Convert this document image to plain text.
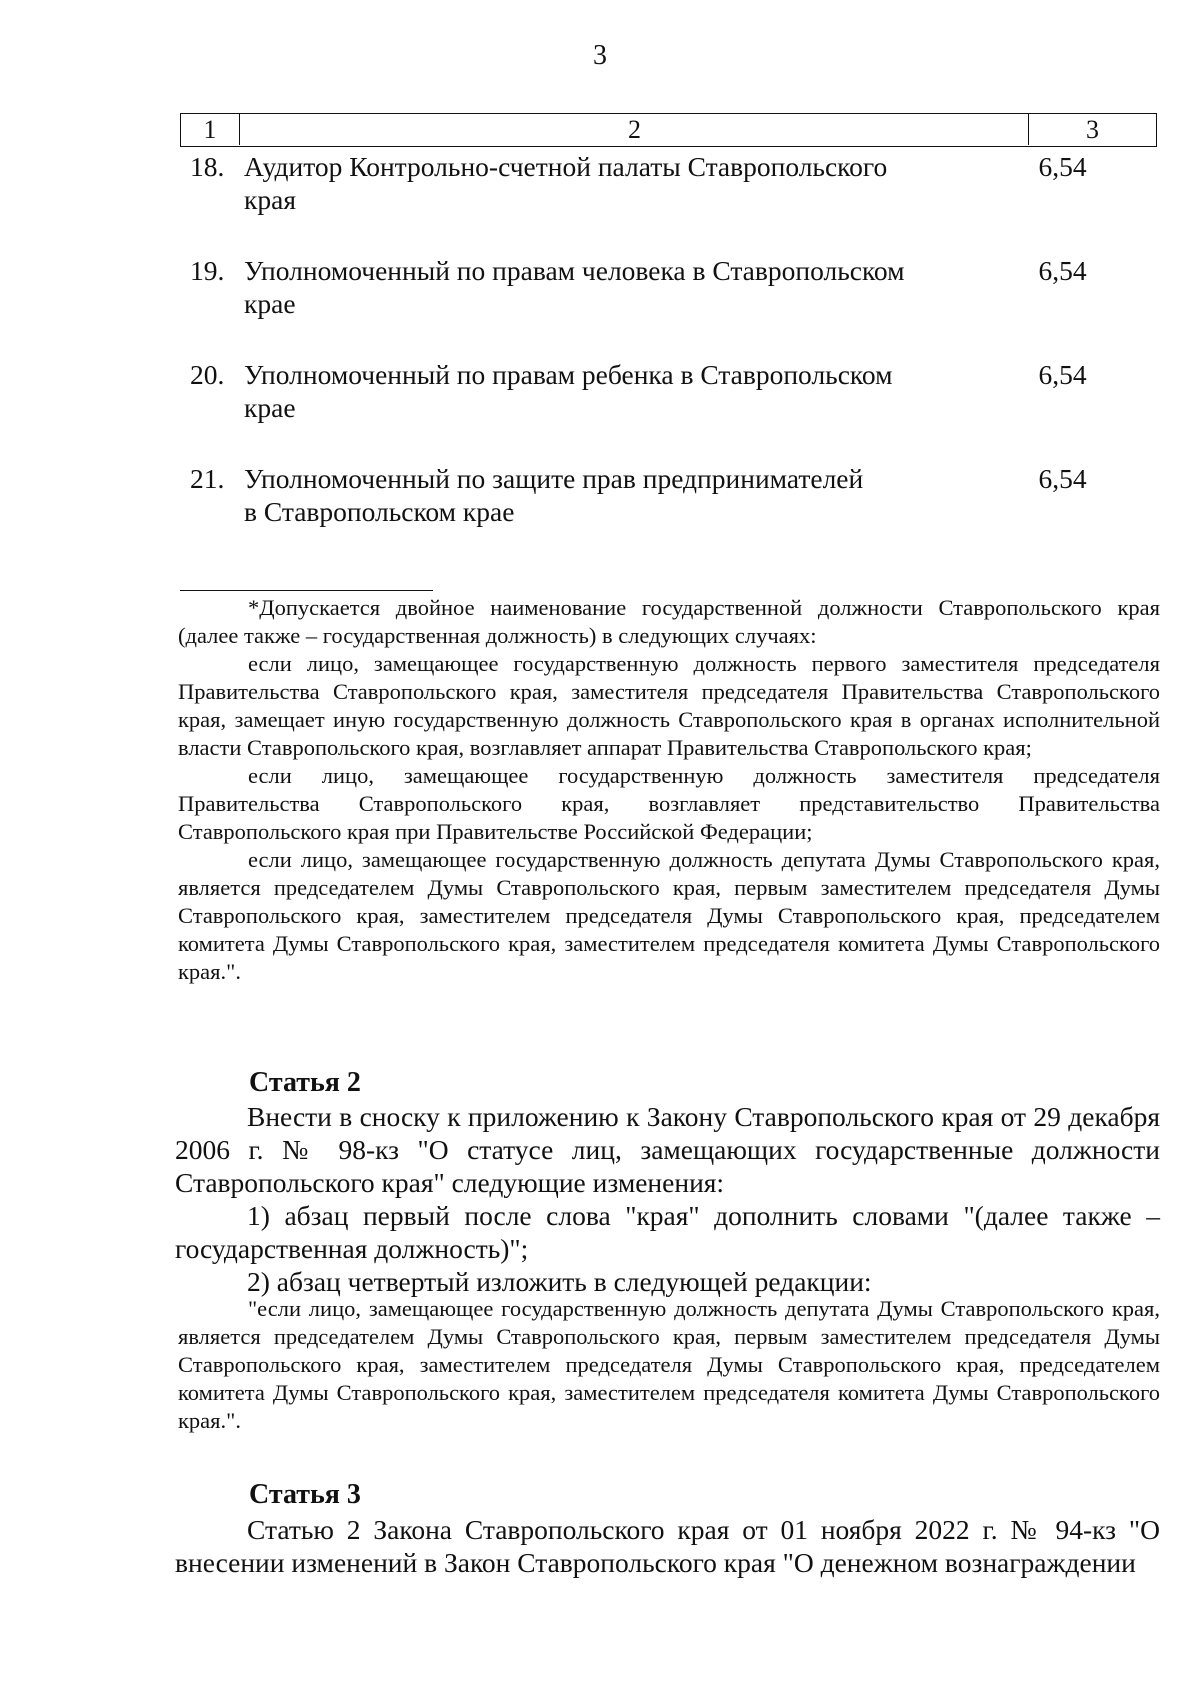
3
1	2	3
18. Аудитор Контрольно-счетной палаты Ставропольского
края
6,54
19. Уполномоченный по правам человека в Ставропольском
крае
6,54
20. Уполномоченный по правам ребенка в Ставропольском
крае
6,54
21. Уполномоченный по защите прав предпринимателей
в Ставропольском крае
6,54

*Допускается двойное наименование государственной должности Ставропольского края (далее также – государственная должность) в следующих случаях:

если лицо, замещающее государственную должность первого заместителя председателя Правительства Ставропольского края, заместителя председателя Правительства Ставропольского края, замещает иную государственную должность Ставропольского края в органах исполнительной власти Ставропольского края, возглавляет аппарат Правительства Ставропольского края;

если лицо, замещающее государственную должность заместителя председателя Правительства Ставропольского края, возглавляет представительство Правительства Ставропольского края при Правительстве Российской Федерации;

если лицо, замещающее государственную должность депутата Думы Ставропольского края, является председателем Думы Ставропольского края, первым заместителем председателя Думы Ставропольского края, заместителем председателя Думы Ставропольского края, председателем комитета Думы Ставропольского края, заместителем председателя комитета Думы Ставропольского края.".

Статья 2

Внести в сноску к приложению к Закону Ставропольского края от 29 декабря 2006 г. № 98-кз "О статусе лиц, замещающих государственные должности Ставропольского края" следующие изменения:

1) абзац первый после слова "края" дополнить словами "(далее также – государственная должность)";

2) абзац четвертый изложить в следующей редакции:

"если лицо, замещающее государственную должность депутата Думы Ставропольского края, является председателем Думы Ставропольского края, первым заместителем председателя Думы Ставропольского края, заместителем председателя Думы Ставропольского края, председателем комитета Думы Ставропольского края, заместителем председателя комитета Думы Ставропольского края.".

Статья 3

Статью 2 Закона Ставропольского края от 01 ноября 2022 г. № 94-кз "О внесении изменений в Закон Ставропольского края "О денежном вознаграждении
